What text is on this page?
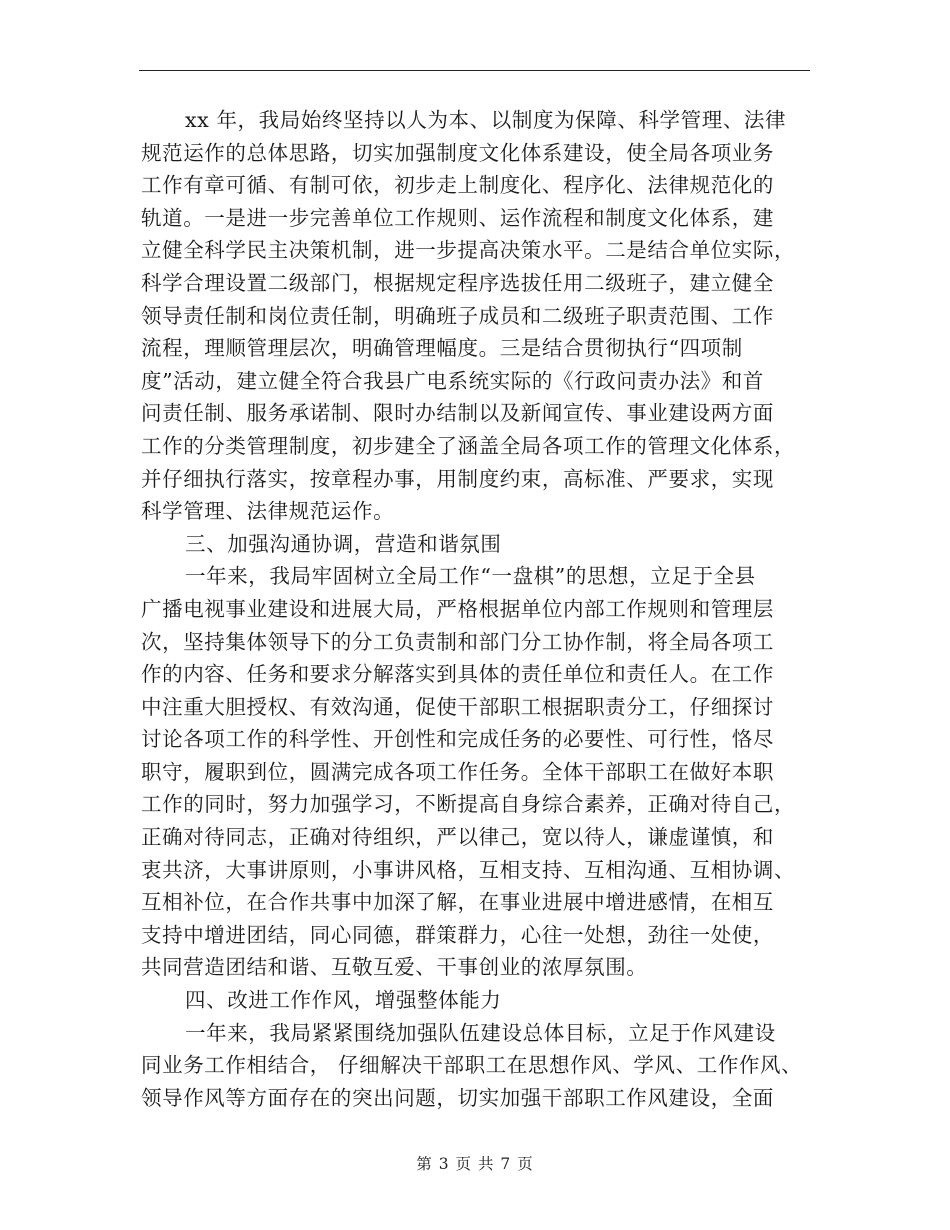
xx 年，我局始终坚持以人为本、以制度为保障、科学管理、法律
规范运作的总体思路，切实加强制度文化体系建设，使全局各项业务
工作有章可循、有制可依，初步走上制度化、程序化、法律规范化的
轨道。一是进一步完善单位工作规则、运作流程和制度文化体系，建
立健全科学民主决策机制，进一步提高决策水平。二是结合单位实际，
科学合理设置二级部门，根据规定程序选拔任用二级班子，建立健全
领导责任制和岗位责任制，明确班子成员和二级班子职责范围、工作
流程，理顺管理层次，明确管理幅度。三是结合贯彻执行“四项制
度”活动，建立健全符合我县广电系统实际的《行政问责办法》和首
问责任制、服务承诺制、限时办结制以及新闻宣传、事业建设两方面
工作的分类管理制度，初步建全了涵盖全局各项工作的管理文化体系，
并仔细执行落实，按章程办事，用制度约束，高标准、严要求，实现
科学管理、法律规范运作。
三、加强沟通协调，营造和谐氛围
一年来，我局牢固树立全局工作“一盘棋”的思想，立足于全县
广播电视事业建设和进展大局，严格根据单位内部工作规则和管理层
次，坚持集体领导下的分工负责制和部门分工协作制，将全局各项工
作的内容、任务和要求分解落实到具体的责任单位和责任人。在工作
中注重大胆授权、有效沟通，促使干部职工根据职责分工，仔细探讨
讨论各项工作的科学性、开创性和完成任务的必要性、可行性，恪尽
职守，履职到位，圆满完成各项工作任务。全体干部职工在做好本职
工作的同时，努力加强学习，不断提高自身综合素养，正确对待自己，
正确对待同志，正确对待组织，严以律己，宽以待人，谦虚谨慎，和
衷共济，大事讲原则，小事讲风格，互相支持、互相沟通、互相协调、
互相补位，在合作共事中加深了解，在事业进展中增进感情，在相互
支持中增进团结，同心同德，群策群力，心往一处想，劲往一处使，
共同营造团结和谐、互敬互爱、干事创业的浓厚氛围。
四、改进工作作风，增强整体能力
一年来，我局紧紧围绕加强队伍建设总体目标，立足于作风建设
同业务工作相结合， 仔细解决干部职工在思想作风、学风、工作作风、
领导作风等方面存在的突出问题，切实加强干部职工作风建设，全面
第 3 页 共 7 页
